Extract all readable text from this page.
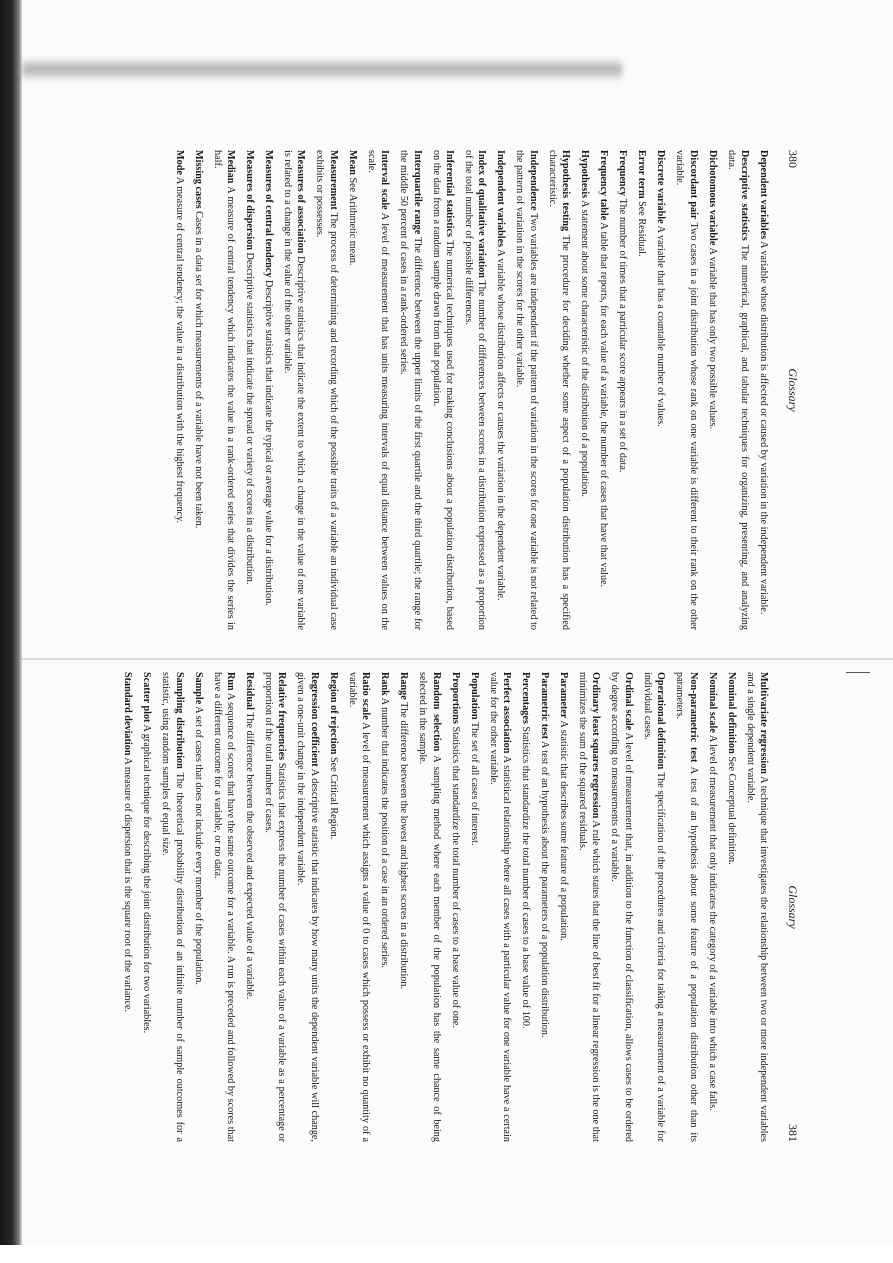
380
Glossary

Dependent variables A variable whose distribution is affected or caused by variation in the independent variable.

Descriptive statistics The numerical, graphical, and tabular techniques for organizing, presenting, and analyzing data.

Dichotomous variable A variable that has only two possible values.

Discordant pair Two cases in a joint distribution whose rank on one variable is different to their rank on the other variable.

Discrete variable A variable that has a countable number of values.

Error term See Residual.

Frequency The number of times that a particular score appears in a set of data.

Frequency table A table that reports, for each value of a variable, the number of cases that have that value.

Hypothesis A statement about some characteristic of the distribution of a population.

Hypothesis testing The procedure for deciding whether some aspect of a population distribution has a specified characteristic.

Independence Two variables are independent if the pattern of variation in the scores for one variable is not related to the pattern of variation in the scores for the other variable.

Independent variables A variable whose distribution affects or causes the variation in the dependent variable.

Index of qualitative variation The number of differences between scores in a distribution expressed as a proportion of the total number of possible differences.

Inferential statistics The numerical techniques used for making conclusions about a population distribution, based on the data from a random sample drawn from that population.

Interquartile range The difference between the upper limits of the first quartile and the third quartile; the range for the middle 50 percent of cases in a rank-ordered series.

Interval scale A level of measurement that has units measuring intervals of equal distance between values on the scale.

Mean See Arithmetic mean.

Measurement The process of determining and recording which of the possible traits of a variable an individual case exhibits or possesses.

Measures of association Descriptive statistics that indicate the extent to which a change in the value of one variable is related to a change in the value of the other variable.

Measures of central tendency Descriptive statistics that indicate the typical or average value for a distribution.

Measures of dispersion Descriptive statistics that indicate the spread or variety of scores in a distribution.

Median A measure of central tendency which indicates the value in a rank-ordered series that divides the series in half.

Missing cases Cases in a data set for which measurements of a variable have not been taken.

Mode A measure of central tendency; the value in a distribution with the highest frequency.

Glossary
381

Multivariate regression A technique that investigates the relationship between two or more independent variables and a single dependent variable.

Nominal definition See Conceptual definition.

Nominal scale A level of measurement that only indicates the category of a variable into which a case falls.

Non-parametric test A test of an hypothesis about some feature of a population distribution other than its parameters.

Operational definition The specification of the procedures and criteria for taking a measurement of a variable for individual cases.

Ordinal scale A level of measurement that, in addition to the function of classification, allows cases to be ordered by degree according to measurements of a variable.

Ordinary least squares regression A rule which states that the line of best fit for a linear regression is the one that minimizes the sum of the squared residuals.

Parameter A statistic that describes some feature of a population.

Parametric test A test of an hypothesis about the parameters of a population distribution.

Percentages Statistics that standardize the total number of cases to a base value of 100.

Perfect association A statistical relationship where all cases with a particular value for one variable have a certain value for the other variable.

Population The set of all cases of interest.

Proportions Statistics that standardize the total number of cases to a base value of one.

Random selection A sampling method where each member of the population has the same chance of being selected in the sample.

Range The difference between the lowest and highest scores in a distribution.

Rank A number that indicates the position of a case in an ordered series.

Ratio scale A level of measurement which assigns a value of 0 to cases which possess or exhibit no quantity of a variable.

Region of rejection See Critical Region.

Regression coefficient A descriptive statistic that indicates by how many units the dependent variable will change, given a one-unit change in the independent variable.

Relative frequencies Statistics that express the number of cases within each value of a variable as a percentage or proportion of the total number of cases.

Residual The difference between the observed and expected value of a variable.

Run A sequence of scores that have the same outcome for a variable. A run is preceded and followed by scores that have a different outcome for a variable, or no data.

Sample A set of cases that does not include every member of the population.

Sampling distribution The theoretical probability distribution of an infinite number of sample outcomes for a statistic, using random samples of equal size.

Scatter plot A graphical technique for describing the joint distribution for two variables.

Standard deviation A measure of dispersion that is the square root of the variance.
